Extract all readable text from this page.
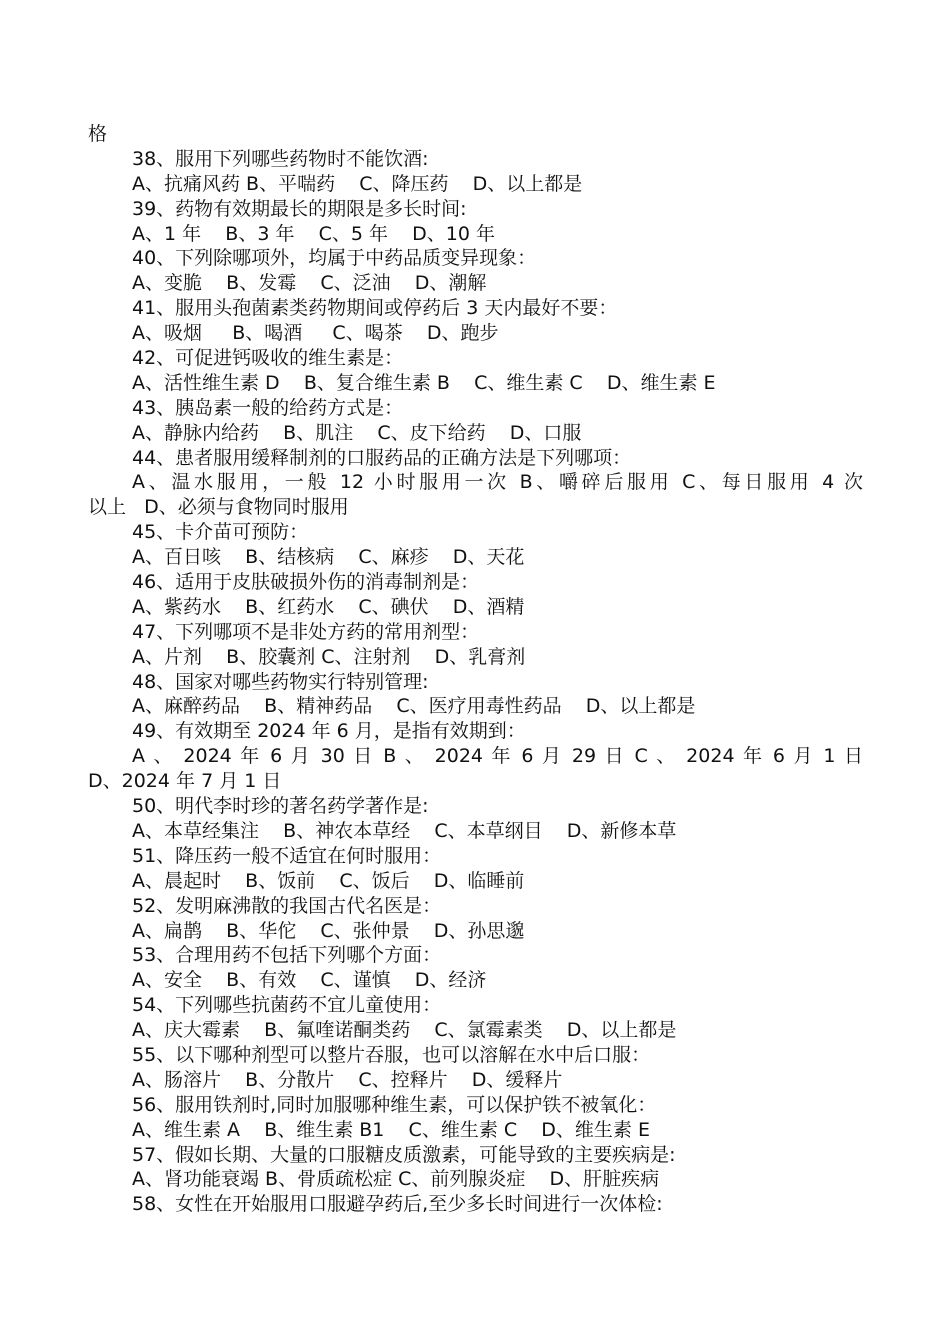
格
38、服用下列哪些药物时不能饮酒:
A、抗痛风药 B、平喘药    C、降压药    D、以上都是
39、药物有效期最长的期限是多长时间:
A、1 年    B、3 年    C、5 年    D、10 年
40、下列除哪项外，均属于中药品质变异现象：
A、变脆    B、发霉    C、泛油    D、潮解
41、服用头孢菌素类药物期间或停药后 3 天内最好不要：
A、吸烟     B、喝酒     C、喝茶    D、跑步
42、可促进钙吸收的维生素是：
A、活性维生素 D    B、复合维生素 B    C、维生素 C    D、维生素 E
43、胰岛素一般的给药方式是：
A、静脉内给药    B、肌注    C、皮下给药    D、口服
44、患者服用缓释制剂的口服药品的正确方法是下列哪项：
A、温水服用，一般 12 小时服用一次 B、嚼碎后服用 C、每日服用 4 次
以上   D、必须与食物同时服用
45、卡介苗可预防：
A、百日咳    B、结核病    C、麻疹    D、天花
46、适用于皮肤破损外伤的消毒制剂是：
A、紫药水    B、红药水    C、碘伏    D、酒精
47、下列哪项不是非处方药的常用剂型：
A、片剂    B、胶囊剂 C、注射剂    D、乳膏剂
48、国家对哪些药物实行特别管理:
A、麻醉药品    B、精神药品    C、医疗用毒性药品    D、以上都是
49、有效期至 2024 年 6 月，是指有效期到：
A 、 2024 年 6 月 30 日 B 、 2024 年 6 月 29 日 C 、 2024 年 6 月 1 日
D、2024 年 7 月 1 日
50、明代李时珍的著名药学著作是:
A、本草经集注    B、神农本草经    C、本草纲目    D、新修本草
51、降压药一般不适宜在何时服用：
A、晨起时    B、饭前    C、饭后    D、临睡前
52、发明麻沸散的我国古代名医是：
A、扁鹊    B、华佗    C、张仲景    D、孙思邈
53、合理用药不包括下列哪个方面：
A、安全    B、有效    C、谨慎    D、经济
54、下列哪些抗菌药不宜儿童使用：
A、庆大霉素    B、氟喹诺酮类药    C、氯霉素类    D、以上都是
55、以下哪种剂型可以整片吞服，也可以溶解在水中后口服：
A、肠溶片    B、分散片    C、控释片    D、缓释片
56、服用铁剂时,同时加服哪种维生素，可以保护铁不被氧化：
A、维生素 A    B、维生素 B1    C、维生素 C    D、维生素 E
57、假如长期、大量的口服糖皮质激素，可能导致的主要疾病是:
A、肾功能衰竭 B、骨质疏松症 C、前列腺炎症    D、肝脏疾病
58、女性在开始服用口服避孕药后,至少多长时间进行一次体检:
